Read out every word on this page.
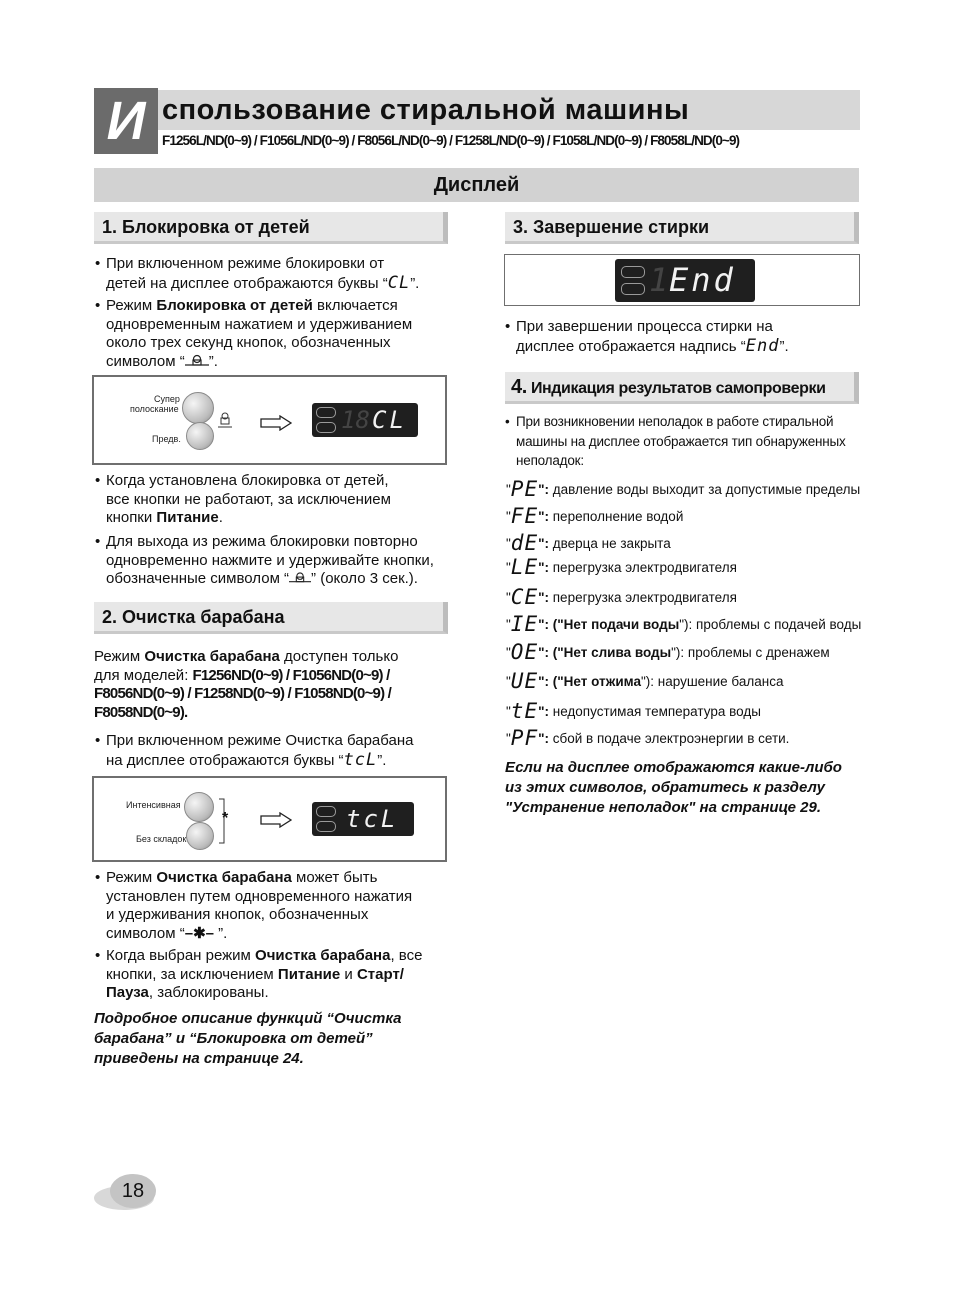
И спользование стиральной машины
F1256L/ND(0~9) / F1056L/ND(0~9) / F8056L/ND(0~9) / F1258L/ND(0~9) / F1058L/ND(0~9) / F8058L/ND(0~9)
Дисплей
1. Блокировка от детей
• При включенном режиме блокировки от
детей на дисплее отображаются буквы “CL”.
• Режим Блокировка от детей включается
одновременным нажатием и удерживанием
около трех секунд кнопок, обозначенных
символом “ ”.
Супер
полоскание
Предв.
18 CL
• Когда установлена блокировка от детей,
все кнопки не работают, за исключением
кнопки Питание.
• Для выхода из режима блокировки повторно
одновременно нажмите и удерживайте кнопки,
обозначенные символом “ ” (около 3 сек.).
2. Очистка барабана
Режим Очистка барабана доступен только
для моделей: F1256ND(0~9) / F1056ND(0~9) /
F8056ND(0~9) / F1258ND(0~9) / F1058ND(0~9) /
F8058ND(0~9).
• При включенном режиме Очистка барабана
на дисплее отображаются буквы “tcL”.
Интенсивная
Без складок
*	tcL
• Режим Очистка барабана может быть
установлен путем одновременного нажатия
и удерживания кнопок, обозначенных
символом “–✱– ”.
• Когда выбран режим Очистка барабана, все
кнопки, за исключением Питание и Старт/
Пауза, заблокированы.
Подробное описание функций “Очистка
барабана” и “Блокировка от детей”
приведены на странице 24.
3. Завершение стирки
1 End
• При завершении процесса стирки на
дисплее отображается надпись “End”.
4. Индикация результатов самопроверки
• При возникновении неполадок в работе стиральной
машины на дисплее отображается тип обнаруженных
неполадок:
"PE": давление воды выходит за допустимые пределы
"FE": переполнение водой
"dE": дверца не закрыта
"LE": перегрузка электродвигателя
"CE": перегрузка электродвигателя
"IE": ("Нет подачи воды"): проблемы с подачей воды
"OE": ("Нет слива воды"): проблемы с дренажем
"UE": ("Нет отжима"): нарушение баланса
"tE": недопустимая температура воды
"PF": сбой в подаче электроэнергии в сети.
Если на дисплее отображаются какие-либо
из этих символов, обратитесь к разделу
"Устранение неполадок" на странице 29.
18
